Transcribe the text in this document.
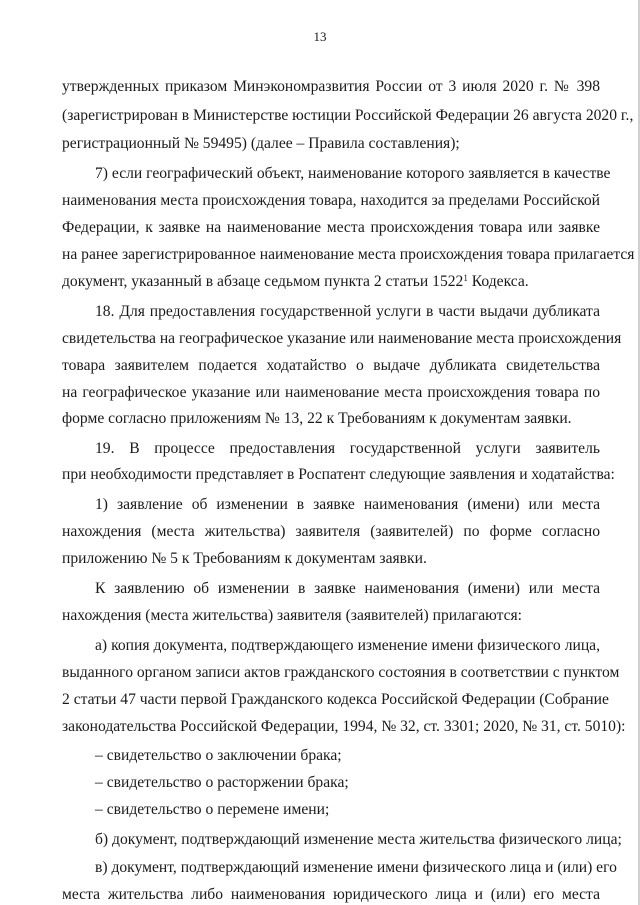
13
утвержденных приказом Минэкономразвития России от 3 июля 2020 г. № 398
(зарегистрирован в Министерстве юстиции Российской Федерации 26 августа 2020 г.,
регистрационный № 59495) (далее – Правила составления);
7) если географический объект, наименование которого заявляется в качестве
наименования места происхождения товара, находится за пределами Российской
Федерации, к заявке на наименование места происхождения товара или заявке
на ранее зарегистрированное наименование места происхождения товара прилагается
документ, указанный в абзаце седьмом пункта 2 статьи 1522$^1$ Кодекса.
18. Для предоставления государственной услуги в части выдачи дубликата
свидетельства на географическое указание или наименование места происхождения
товара заявителем подается ходатайство о выдаче дубликата свидетельства
на географическое указание или наименование места происхождения товара по
форме согласно приложениям № 13, 22 к Требованиям к документам заявки.
19. В процессе предоставления государственной услуги заявитель
при необходимости представляет в Роспатент следующие заявления и ходатайства:
1) заявление об изменении в заявке наименования (имени) или места
нахождения (места жительства) заявителя (заявителей) по форме согласно
приложению № 5 к Требованиям к документам заявки.
К заявлению об изменении в заявке наименования (имени) или места
нахождения (места жительства) заявителя (заявителей) прилагаются:
а) копия документа, подтверждающего изменение имени физического лица,
выданного органом записи актов гражданского состояния в соответствии с пунктом
2 статьи 47 части первой Гражданского кодекса Российской Федерации (Собрание
законодательства Российской Федерации, 1994, № 32, ст. 3301; 2020, № 31, ст. 5010):
– свидетельство о заключении брака;
– свидетельство о расторжении брака;
– свидетельство о перемене имени;
б) документ, подтверждающий изменение места жительства физического лица;
в) документ, подтверждающий изменение имени физического лица и (или) его
места жительства либо наименования юридического лица и (или) его места
